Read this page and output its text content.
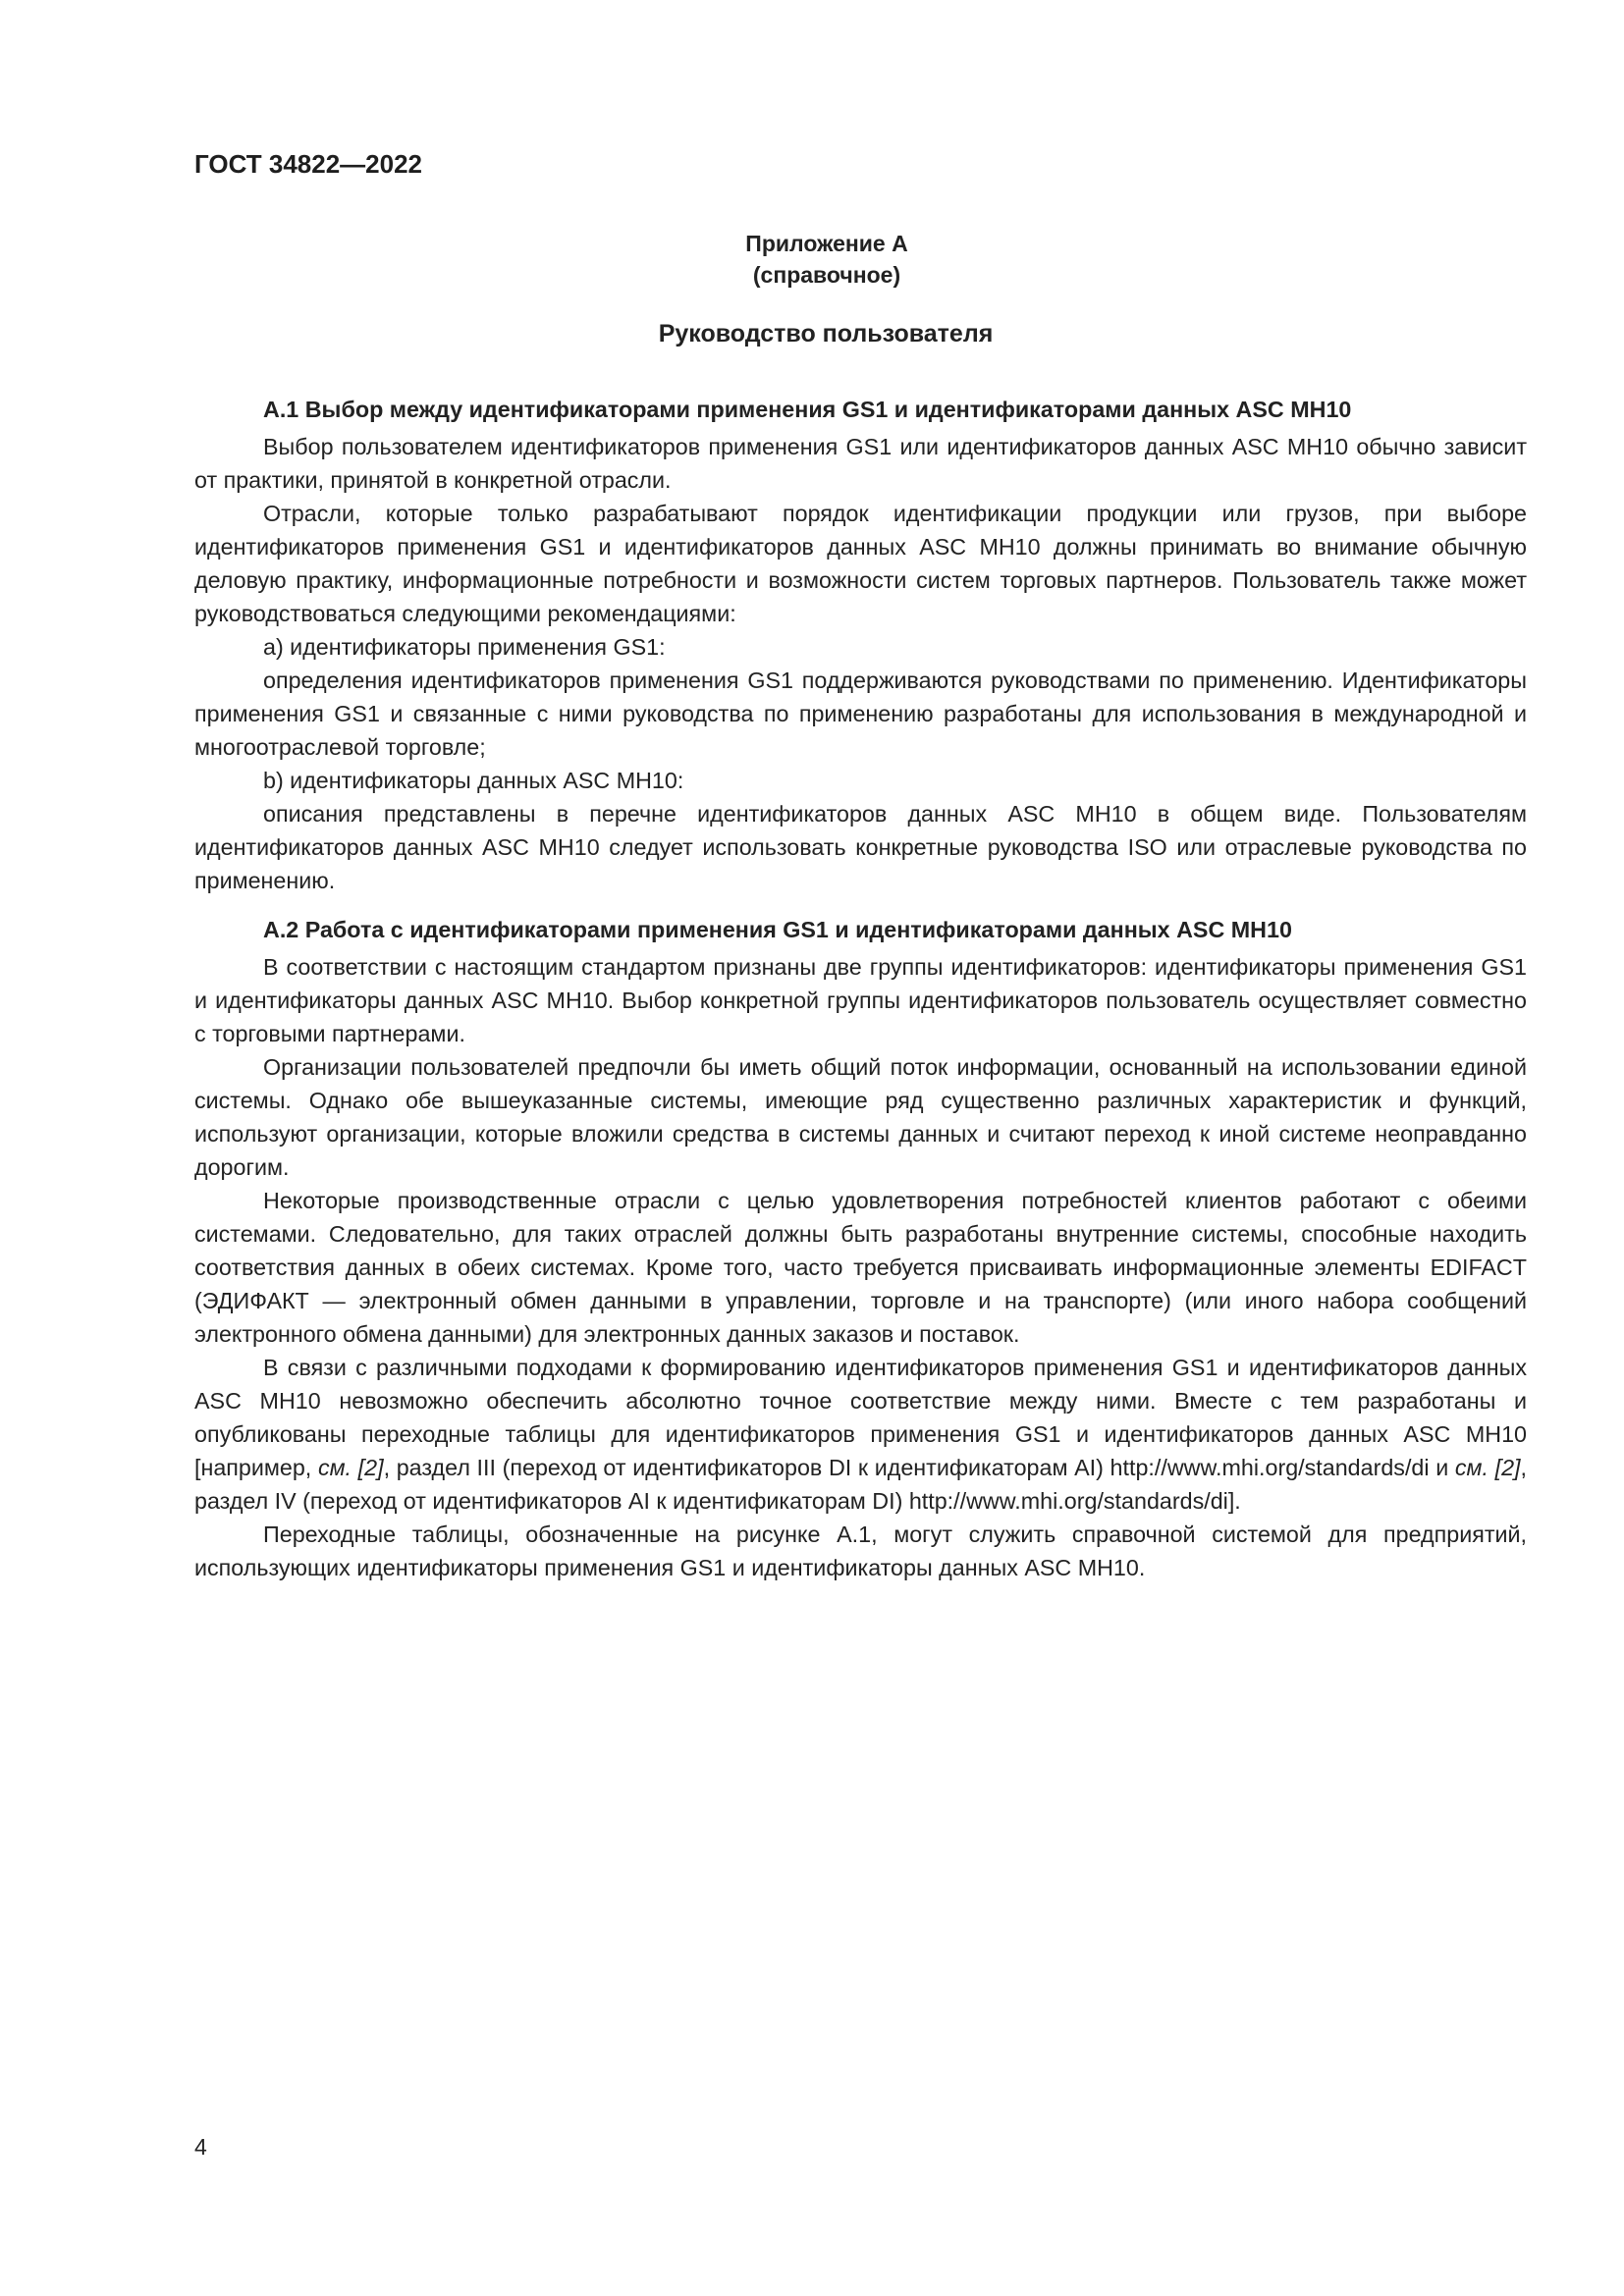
ГОСТ 34822—2022
Приложение А
(справочное)
Руководство пользователя
А.1 Выбор между идентификаторами применения GS1 и идентификаторами данных ASC MH10

Выбор пользователем идентификаторов применения GS1 или идентификаторов данных ASC MH10 обычно зависит от практики, принятой в конкретной отрасли.

Отрасли, которые только разрабатывают порядок идентификации продукции или грузов, при выборе идентификаторов применения GS1 и идентификаторов данных ASC MH10 должны принимать во внимание обычную деловую практику, информационные потребности и возможности систем торговых партнеров. Пользователь также может руководствоваться следующими рекомендациями:

a) идентификаторы применения GS1:

определения идентификаторов применения GS1 поддерживаются руководствами по применению. Идентификаторы применения GS1 и связанные с ними руководства по применению разработаны для использования в международной и многоотраслевой торговле;

b) идентификаторы данных ASC MH10:

описания представлены в перечне идентификаторов данных ASC MH10 в общем виде. Пользователям идентификаторов данных ASC MH10 следует использовать конкретные руководства ISO или отраслевые руководства по применению.

А.2 Работа с идентификаторами применения GS1 и идентификаторами данных ASC MH10

В соответствии с настоящим стандартом признаны две группы идентификаторов: идентификаторы применения GS1 и идентификаторы данных ASC MH10. Выбор конкретной группы идентификаторов пользователь осуществляет совместно с торговыми партнерами.

Организации пользователей предпочли бы иметь общий поток информации, основанный на использовании единой системы. Однако обе вышеуказанные системы, имеющие ряд существенно различных характеристик и функций, используют организации, которые вложили средства в системы данных и считают переход к иной системе неоправданно дорогим.

Некоторые производственные отрасли с целью удовлетворения потребностей клиентов работают с обеими системами. Следовательно, для таких отраслей должны быть разработаны внутренние системы, способные находить соответствия данных в обеих системах. Кроме того, часто требуется присваивать информационные элементы EDIFACT (ЭДИФАКТ — электронный обмен данными в управлении, торговле и на транспорте) (или иного набора сообщений электронного обмена данными) для электронных данных заказов и поставок.

В связи с различными подходами к формированию идентификаторов применения GS1 и идентификаторов данных ASC MH10 невозможно обеспечить абсолютно точное соответствие между ними. Вместе с тем разработаны и опубликованы переходные таблицы для идентификаторов применения GS1 и идентификаторов данных ASC MH10 [например, см. [2], раздел III (переход от идентификаторов DI к идентификаторам AI) http://www.mhi.org/standards/di и см. [2], раздел IV (переход от идентификаторов AI к идентификаторам DI) http://www.mhi.org/standards/di].

Переходные таблицы, обозначенные на рисунке А.1, могут служить справочной системой для предприятий, использующих идентификаторы применения GS1 и идентификаторы данных ASC MH10.

4
